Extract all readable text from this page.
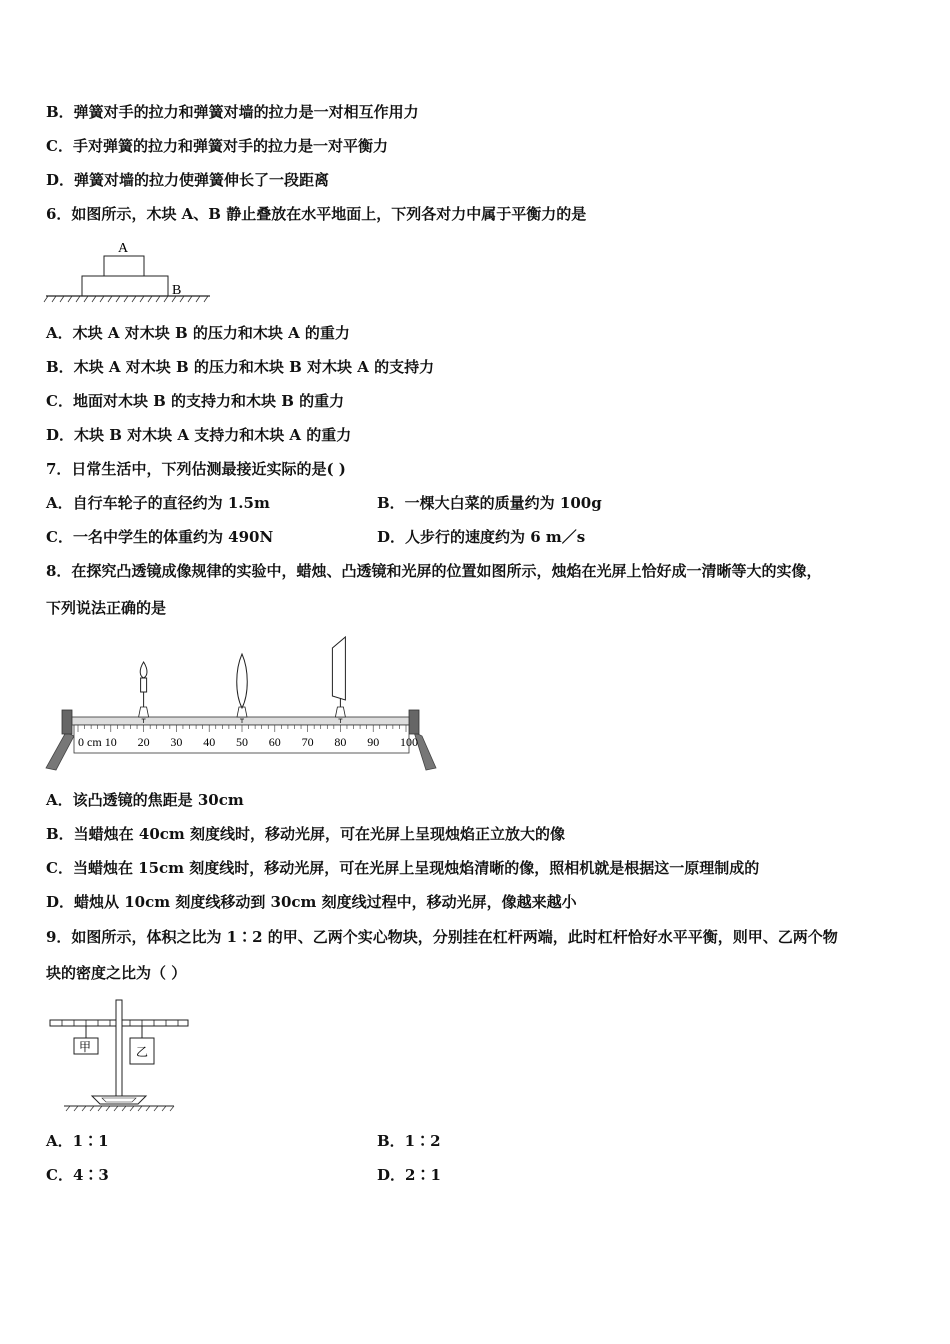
B．弹簧对手的拉力和弹簧对墙的拉力是一对相互作用力
C．手对弹簧的拉力和弹簧对手的拉力是一对平衡力
D．弹簧对墙的拉力使弹簧伸长了一段距离
6．如图所示，木块 A、B 静止叠放在水平地面上，下列各对力中属于平衡力的是
A
B
A．木块 A 对木块 B 的压力和木块 A 的重力
B．木块 A 对木块 B 的压力和木块 B 对木块 A 的支持力
C．地面对木块 B 的支持力和木块 B 的重力
D．木块 B 对木块 A 支持力和木块 A 的重力
7．日常生活中，下列估测最接近实际的是( )
A．自行车轮子的直径约为 1.5m	B．一棵大白菜的质量约为 100g
C．一名中学生的体重约为 490N	D．人步行的速度约为 6 m／s
8．在探究凸透镜成像规律的实验中，蜡烛、凸透镜和光屏的位置如图所示，烛焰在光屏上恰好成一清晰等大的实像，
下列说法正确的是
0 10 20 30 40 50 60 70 80 90 100
cm
A．该凸透镜的焦距是 30cm
B．当蜡烛在 40cm 刻度线时，移动光屏，可在光屏上呈现烛焰正立放大的像
C．当蜡烛在 15cm 刻度线时，移动光屏，可在光屏上呈现烛焰清晰的像，照相机就是根据这一原理制成的
D．蜡烛从 10cm 刻度线移动到 30cm 刻度线过程中，移动光屏，像越来越小
9．如图所示，体积之比为 1∶2 的甲、乙两个实心物块，分别挂在杠杆两端，此时杠杆恰好水平平衡，则甲、乙两个物
块的密度之比为（ ）
甲	乙
A．1∶1	B．1∶2
C．4∶3	D．2∶1
